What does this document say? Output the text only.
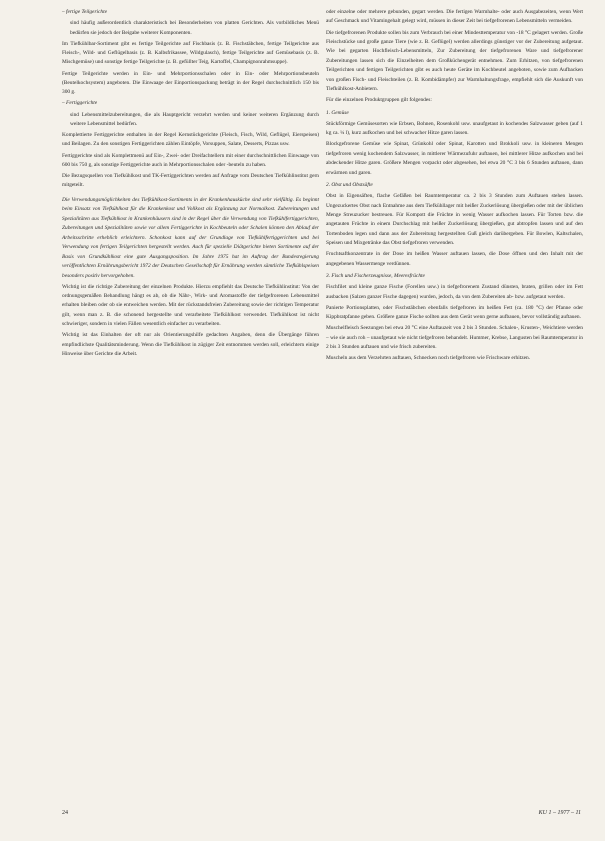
– fertige Teilgerichte

sind häufig außerordentlich charakteristisch bei Besonderheiten von platten Gerichten. Als vorbildliches Menü bedürfen sie jedoch der Beigabe weiterer Komponenten.

Im Tiefkühlbar-Sortiment gibt es fertige Teilgerichte auf Fischbasis (z. B. Fischstäbchen, fertige Teilgerichte aus Fleisch-, Wild- und Geflügelbasis (z. B. Kalbsfrikassee, Wildgulasch), fertige Teilgerichte auf Gemüsebasis (z. B. Mischgemüse) und sonstige fertige Teilgerichte (z. B. gefüllter Teig, Kartoffel, Champignonrahmsuppe).

Fertige Teilgerichte werden in Ein- und Mehrportionsschalen oder in Ein- oder Mehrportionsbeuteln (Beutelkochsystem) angeboten. Die Einwaage der Einportionspackung beträgt in der Regel durchschnittlich 150 bis 300 g.

– Fertiggerichte

sind Lebensmittelzubereitungen, die als Hauptgericht verzehrt werden und keiner weiteren Ergänzung durch weitere Lebensmittel bedürfen.

Komplettierte Fertiggerichte enthalten in der Regel Kernstückgerichte (Fleisch, Fisch, Wild, Geflügel, Eierspeisen) und Beilagen. Zu den sonstigen Fertiggerichten zählen Eintöpfe, Vorsuppen, Salate, Desserts, Pizzas usw.

Fertiggerichte sind als Komplettmenü auf Ein-, Zwei- oder Dreifachtellern mit einer durchschnittlichen Einwaage von 600 bis 750 g, als sonstige Fertiggerichte auch in Mehrportionsschalen oder -beuteln zu haben.

Die Bezugsquellen von Tiefkühlkost und TK-Fertiggerichten werden auf Anfrage vom Deutschen Tiefkühlinstitut gern mitgeteilt.

Die Verwendungsmöglichkeiten des Tiefkühlkost-Sortiments in der Krankenhausküche sind sehr vielfältig. Es beginnt beim Einsatz von Tiefkühlkost für die Krankenkost und Vollkost als Ergänzung zur Normalkost. Zubereitungen und Spezialitäten aus Tiefkühlkost in Krankenhäusern sind in der Regel über die Verwendung von Tiefkühlfertiggerichten, Zubereitungen und Spezialitäten sowie vor allem Fertiggerichte in Kochbeuteln oder Schalen können den Ablauf der Arbeitsschritte erheblich erleichtern. Schonkost kann auf der Grundlage von Tiefkühlfertiggerichten und bei Verwendung von fertigen Teilgerichten hergestellt werden. Auch für spezielle Diätgerichte bieten Sortimente auf der Basis von Grundkühlkost eine gute Ausgangsposition. Im Jahre 1975 hat im Auftrag der Bundesregierung veröffentlichten Ernährungsbericht 1972 der Deutschen Gesellschaft für Ernährung werden sämtliche Tiefkühlspeisen besonders positiv hervorgehoben.

Wichtig ist die richtige Zubereitung der einzelnen Produkte. Hierzu empfiehlt das Deutsche Tiefkühlinstitut: Von der ordnungsgemäßen Behandlung hängt es ab, ob die Nähr-, Wirk- und Aromastoffe der tiefgefrorenen Lebensmittel erhalten bleiben oder ob sie entweichen werden. Mit der rückstandsfreien Zubereitung sowie der richtigen Temperatur gilt, wenn man z. B. die schonend hergestellte und verarbeitete Tiefkühlkost verwendet. Tiefkühlkost ist nicht schwieriger, sondern in vielen Fällen wesentlich einfacher zu verarbeiten.

Wichtig ist das Einhalten der oft nur als Orientierungshilfe gedachten Angaben, denn die Übergänge führen empfindlichste Qualitätsminderung. Wenn die Tiefkühlkost in zügiger Zeit entnommen werden soll, erleichtern einige Hinweise über Gerichte die Arbeit.

oder einzelne oder mehrere gebunden, gegart werden. Die fertigen Warmhalte- oder auch Ausgabezeiten, wenn Wert auf Geschmack und Vitamingehalt gelegt wird, müssen in dieser Zeit bei tiefgefrorenen Lebensmitteln vermeiden.

Die tiefgefrorenen Produkte sollen bis zum Verbrauch bei einer Mindesttemperatur von -18 °C gelagert werden. Große Fleischstücke und große ganze Tiere (wie z. B. Geflügel) werden allerdings günstiger vor der Zubereitung aufgetaut. Wie bei gegarten Hochfleisch-Lebensmitteln, Zur Zubereitung der tiefgefrorenen Ware und tiefgefrorener Zubereitungen lassen sich die Einzelheiten dem Großküchengerät entnehmen. Zum Erhitzen, von tiefgefrorenen Teilgerichten und fertigen Teilgerichten gibt es auch heute Geräte im Kochbeutel angeboten, sowie zum Aufbacken von großen Fisch- und Fleischteilen (z. B. Kombidämpfer) zur Warmhaltungsfrage, empfiehlt sich die Auskunft von Tiefkühlkost-Anbietern.

Für die einzelnen Produktgruppen gilt folgendes:

1. Gemüse

Stückförmige Gemüsesorten wie Erbsen, Bohnen, Rosenkohl usw. unaufgetaut in kochendes Salzwasser geben (auf 1 kg ca. ¼ l), kurz aufkochen und bei schwacher Hitze garen lassen.

Blockgefrorene Gemüse wie Spinat, Grünkohl oder Spinat, Karotten und Brokkoli usw. in kleineren Mengen tiefgefroren wenig kochendem Salzwasser, in mittlerer Wärmezufuhr auftauen, bei mittlerer Hitze aufkochen und bei abdeckender Hitze garen. Größere Mengen vorpackt oder abgesehen, bei etwa 20 °C 3 bis 6 Stunden auftauen, dann erwärmen und garen.

2. Obst und Obstsäfte

Obst in Eigensäften, flache Gefäßen bei Raumtemperatur ca. 2 bis 3 Stunden zum Auftauen stehen lassen. Ungezuckertes Obst nach Entnahme aus dem Tiefkühllager mit heißer Zuckerlösung übergießen oder mit der üblichen Menge Streuzucker bestreuen. Für Kompott die Früchte in wenig Wasser aufkochen lassen. Für Torten bzw. die angetauten Früchte in einem Durchschlag mit heißer Zuckerlösung übergießen, gut abtropfen lassen und auf den Tortenboden legen und dann aus der Zubereitung hergestellten Guß gleich darübergeben. Für Bowlen, Kaltschalen, Speisen und Mixgetränke das Obst tiefgefroren verwenden.

Fruchtsaftkonzentrate in der Dose im heißen Wasser auftauen lassen, die Dose öffnen und den Inhalt mit der angegebenen Wassermenge verdünnen.

3. Fisch und Fischerzeugnisse, Meeresfrüchte

Fischfilet und kleine ganze Fische (Forellen usw.) in tiefgefrorenem Zustand dünsten, braten, grillen oder im Fett ausbacken (Salzen ganzer Fische dagegen) wurden, jedoch, da von dem Zubereiten ab- bzw. aufgetaut werden.

Panierte Portionsplatten, oder Fischstäbchen ebenfalls tiefgefroren im heißen Fett (ca. 180 °C) der Pfanne oder Kippbratpfanne geben. Größere ganze Fische sollten aus dem Gerät wenn gerne aufbauen, bevor vollständig auftauen.

Muschelfleisch Seezungen bei etwa 20 °C eine Auftauzeit von 2 bis 3 Stunden. Schalen-, Krusten-, Weichtiere werden – wie sie auch roh – unaufgetaut wie nicht tiefgefroren behandelt. Hummer, Krebse, Langusten bei Raumtemperatur in 2 bis 3 Stunden auftauen und wie frisch zubereiten.

Muscheln aus dem Verzehrten auftauen, Schnecken noch tiefgefroren wie Frischware erhitzen.

24	KU 1 – 1977 – 11
